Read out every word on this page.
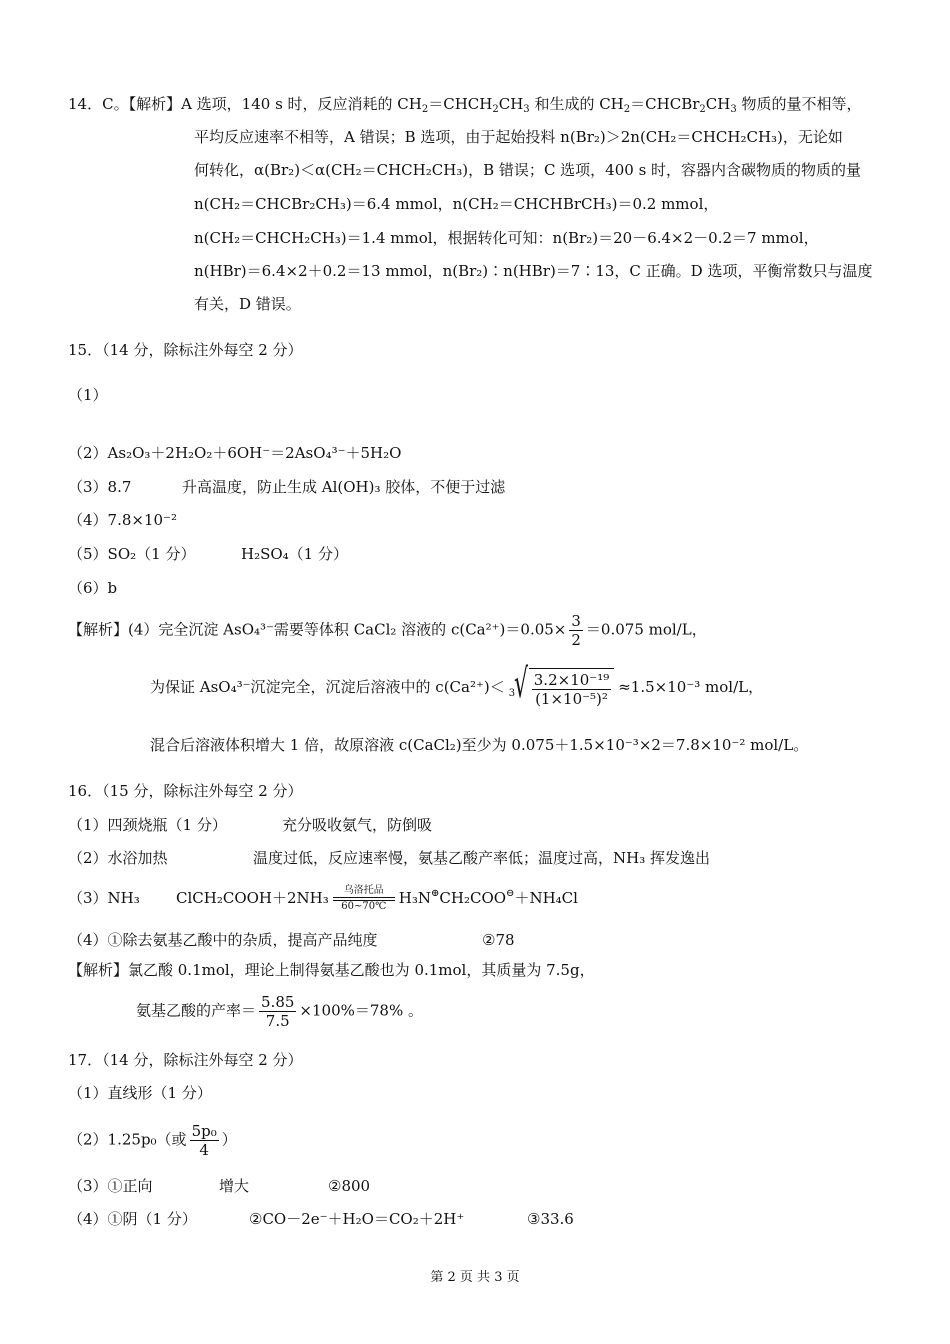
14．C。【解析】A 选项，140 s 时，反应消耗的 $CH_2=CHCH_2CH_3$ 和生成的 $CH_2=CHCBr_2CH_3$ 物质的量不相等，
平均反应速率不相等，A 错误；B 选项，由于起始投料 n(Br₂)＞2n(CH₂＝CHCH₂CH₃)，无论如
何转化，α(Br₂)＜α(CH₂＝CHCH₂CH₃)，B 错误；C 选项，400 s 时，容器内含碳物质的物质的量
n(CH₂＝CHCBr₂CH₃)＝6.4 mmol，n(CH₂＝CHCHBrCH₃)＝0.2 mmol，
n(CH₂＝CHCH₂CH₃)＝1.4 mmol，根据转化可知：n(Br₂)＝20－6.4×2－0.2＝7 mmol，
n(HBr)＝6.4×2＋0.2＝13 mmol，n(Br₂)∶n(HBr)＝7∶13，C 正确。D 选项，平衡常数只与温度
有关，D 错误。
15．（14 分，除标注外每空 2 分）
（1）
（2）As₂O₃＋2H₂O₂＋6OH⁻＝2AsO₄³⁻＋5H₂O
（3）8.7	升高温度，防止生成 Al(OH)₃ 胶体，不便于过滤
（4）7.8×10⁻²
（5）SO₂（1 分）	H₂SO₄（1 分）
（6）b
【解析】(4）完全沉淀 AsO₄³⁻需要等体积 CaCl₂ 溶液的 $c(Ca^{2+})=0.05\times \frac{3}{2} =0.075$ mol/L，
为保证 AsO₄³⁻沉淀完全，沉淀后溶液中的 c(Ca²⁺)＜ 3
√ $\frac{\text{3.2×10⁻¹⁹}}{\text{(1×10⁻⁵)²}} \approx 1.5\times 10^{-3}$ mol/L，
混合后溶液体积增大 1 倍，故原溶液 c(CaCl₂)至少为 0.075＋1.5×10⁻³×2＝7.8×10⁻² mol/L。
16．（15 分，除标注外每空 2 分）
（1）四颈烧瓶（1 分）	充分吸收氨气，防倒吸
（2）水浴加热	温度过低，反应速率慢，氨基乙酸产率低；温度过高，NH₃ 挥发逸出
（3）NH₃ ClCH₂COOH＋2NH₃	乌洛托品
60~70℃ H₃N⊕CH₂COO⊖＋NH₄Cl
（4）①除去氨基乙酸中的杂质，提高产品纯度	②78
【解析】氯乙酸 0.1mol，理论上制得氨基乙酸也为 0.1mol，其质量为 7.5g，
氨基乙酸的产率＝ $\frac{5.85}{7.5} \times 100\%=78\%$ 。
17．（14 分，除标注外每空 2 分）
（1）直线形（1 分）
（2）1.25p₀（或 $\frac{\text{5p₀}}{4}$ ）
（3）①正向	增大	②800
（4）①阴（1 分）	②CO－2e⁻＋H₂O＝CO₂＋2H⁺	③33.6
第 2 页 共 3 页
